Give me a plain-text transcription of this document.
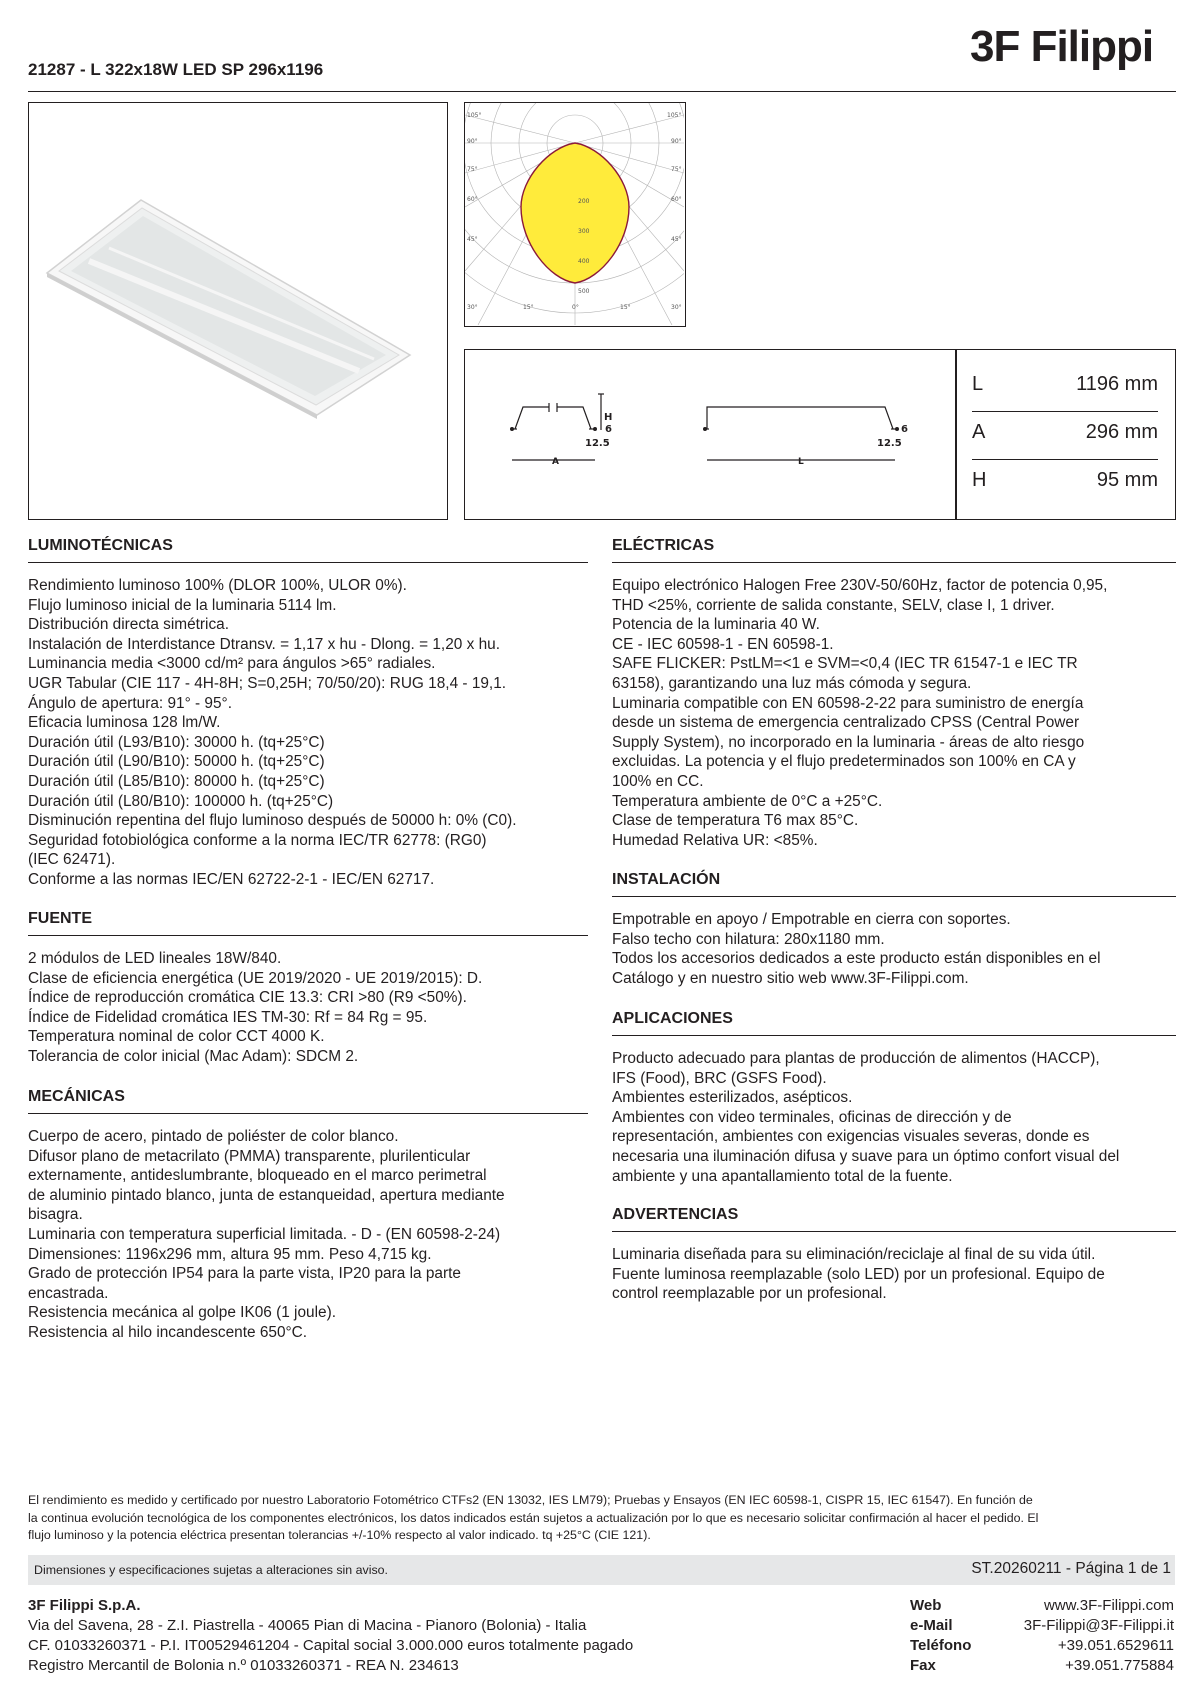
21287 - L 322x18W LED SP 296x1196	3F Filippi
105°
90°
75°
60°
45°
30°
105°
90°
75°
60°
45°
30°
15°	0°	15°
200
300
400
500
H
6
12.5
A
6
12.5
L
L	1196 mm
A	296 mm
H	95 mm
LUMINOTÉCNICAS
Rendimiento luminoso 100% (DLOR 100%, ULOR 0%).
Flujo luminoso inicial de la luminaria 5114 lm.
Distribución directa simétrica.
Instalación de Interdistance Dtransv. = 1,17 x hu - Dlong. = 1,20 x hu.
Luminancia media <3000 cd/m² para ángulos >65° radiales.
UGR Tabular (CIE 117 - 4H-8H; S=0,25H; 70/50/20): RUG 18,4 - 19,1.
Ángulo de apertura: 91° - 95°.
Eficacia luminosa 128 lm/W.
Duración útil (L93/B10): 30000 h. (tq+25°C)
Duración útil (L90/B10): 50000 h. (tq+25°C)
Duración útil (L85/B10): 80000 h. (tq+25°C)
Duración útil (L80/B10): 100000 h. (tq+25°C)
Disminución repentina del flujo luminoso después de 50000 h: 0% (C0).
Seguridad fotobiológica conforme a la norma IEC/TR 62778: (RG0)
(IEC 62471).
Conforme a las normas IEC/EN 62722-2-1 - IEC/EN 62717.
FUENTE
2 módulos de LED lineales 18W/840.
Clase de eficiencia energética (UE 2019/2020 - UE 2019/2015): D.
Índice de reproducción cromática CIE 13.3: CRI >80 (R9 <50%).
Índice de Fidelidad cromática IES TM-30: Rf = 84 Rg = 95.
Temperatura nominal de color CCT 4000 K.
Tolerancia de color inicial (Mac Adam): SDCM 2.
MECÁNICAS
Cuerpo de acero, pintado de poliéster de color blanco.
Difusor plano de metacrilato (PMMA) transparente, plurilenticular
externamente, antideslumbrante, bloqueado en el marco perimetral
de aluminio pintado blanco, junta de estanqueidad, apertura mediante
bisagra.
Luminaria con temperatura superficial limitada. - D - (EN 60598-2-24)
Dimensiones: 1196x296 mm, altura 95 mm. Peso 4,715 kg.
Grado de protección IP54 para la parte vista, IP20 para la parte
encastrada.
Resistencia mecánica al golpe IK06 (1 joule).
Resistencia al hilo incandescente 650°C.
ELÉCTRICAS
Equipo electrónico Halogen Free 230V-50/60Hz, factor de potencia 0,95,
THD <25%, corriente de salida constante, SELV, clase I, 1 driver.
Potencia de la luminaria 40 W.
CE - IEC 60598-1 - EN 60598-1.
SAFE FLICKER: PstLM=<1 e SVM=<0,4 (IEC TR 61547-1 e IEC TR
63158), garantizando una luz más cómoda y segura.
Luminaria compatible con EN 60598-2-22 para suministro de energía
desde un sistema de emergencia centralizado CPSS (Central Power
Supply System), no incorporado en la luminaria - áreas de alto riesgo
excluidas. La potencia y el flujo predeterminados son 100% en CA y
100% en CC.
Temperatura ambiente de 0°C a +25°C.
Clase de temperatura T6 max 85°C.
Humedad Relativa UR: <85%.
INSTALACIÓN
Empotrable en apoyo / Empotrable en cierra con soportes.
Falso techo con hilatura: 280x1180 mm.
Todos los accesorios dedicados a este producto están disponibles en el
Catálogo y en nuestro sitio web www.3F-Filippi.com.
APLICACIONES
Producto adecuado para plantas de producción de alimentos (HACCP),
IFS (Food), BRC (GSFS Food).
Ambientes esterilizados, asépticos.
Ambientes con video terminales, oficinas de dirección y de
representación, ambientes con exigencias visuales severas, donde es
necesaria una iluminación difusa y suave para un óptimo confort visual del
ambiente y una apantallamiento total de la fuente.
ADVERTENCIAS
Luminaria diseñada para su eliminación/reciclaje al final de su vida útil.
Fuente luminosa reemplazable (solo LED) por un profesional. Equipo de
control reemplazable por un profesional.
El rendimiento es medido y certificado por nuestro Laboratorio Fotométrico CTFs2 (EN 13032, IES LM79); Pruebas y Ensayos (EN IEC 60598-1, CISPR 15, IEC 61547). En función de
la continua evolución tecnológica de los componentes electrónicos, los datos indicados están sujetos a actualización por lo que es necesario solicitar confirmación al hacer el pedido. El
flujo luminoso y la potencia eléctrica presentan tolerancias +/-10% respecto al valor indicado. tq +25°C (CIE 121).
Dimensiones y especificaciones sujetas a alteraciones sin aviso.	ST.20260211 - Página 1 de 1
3F Filippi S.p.A.
Via del Savena, 28 - Z.I. Piastrella - 40065 Pian di Macina - Pianoro (Bolonia) - Italia
CF. 01033260371 - P.I. IT00529461204 - Capital social 3.000.000 euros totalmente pagado
Registro Mercantil de Bolonia n.º 01033260371 - REA N. 234613
Web	www.3F-Filippi.com
e-Mail	3F-Filippi@3F-Filippi.it
Teléfono	+39.051.6529611
Fax	+39.051.775884
